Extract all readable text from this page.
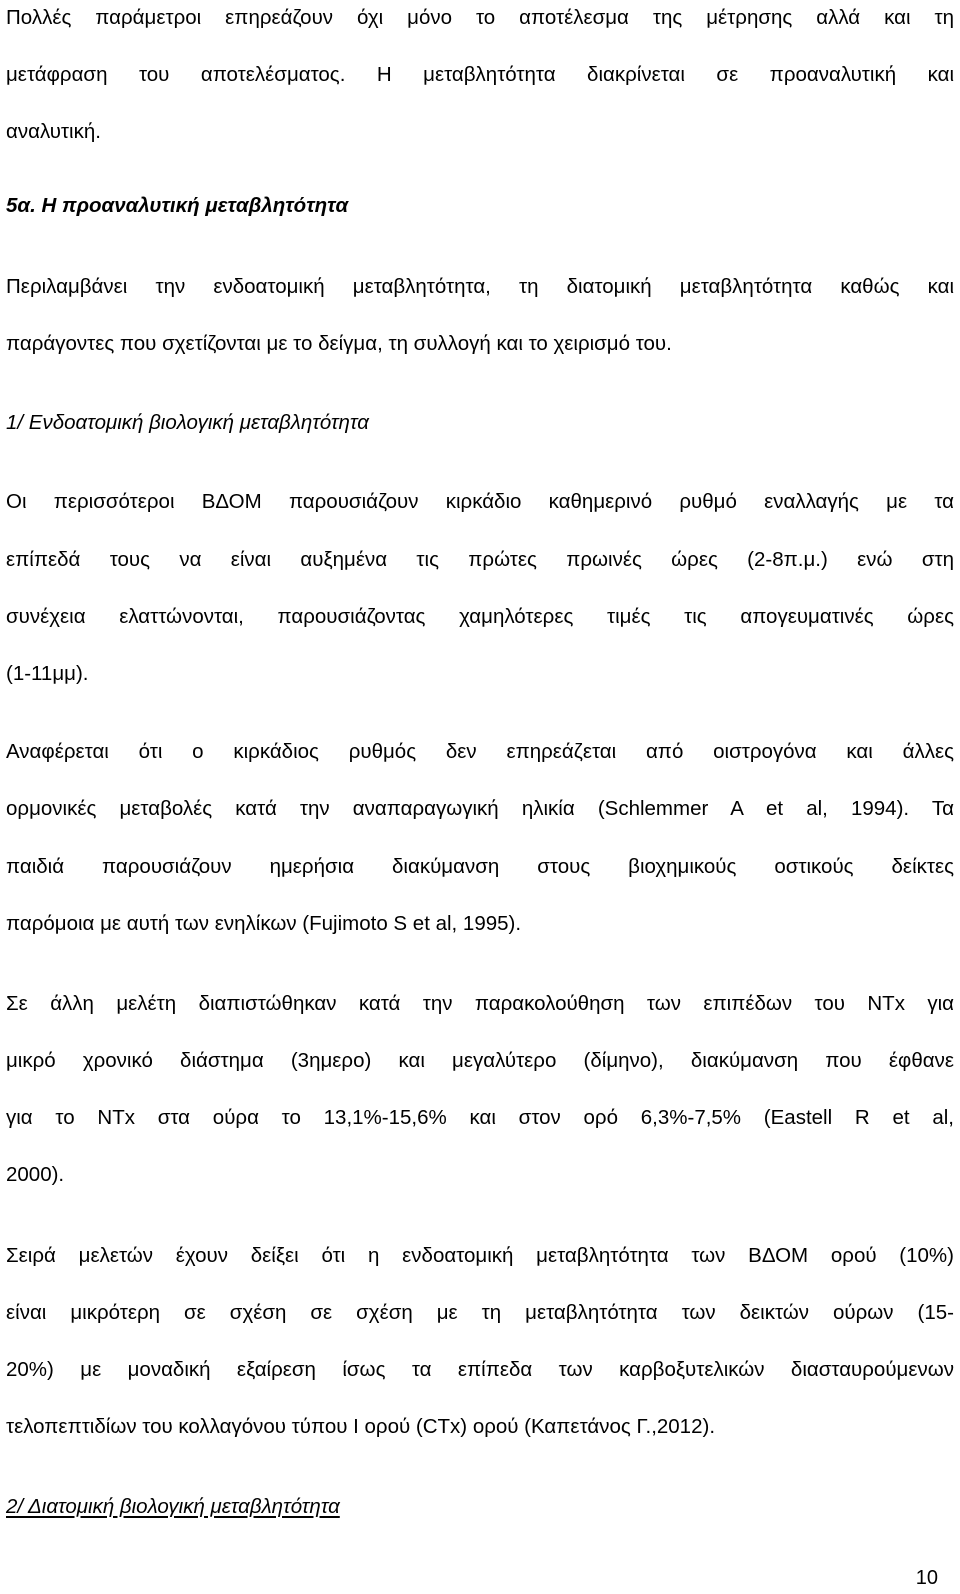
Πολλές παράμετροι επηρεάζουν όχι μόνο το αποτέλεσμα της μέτρησης αλλά και τη
μετάφραση του αποτελέσματος. Η μεταβλητότητα διακρίνεται σε προαναλυτική και
αναλυτική.
5α. Η προαναλυτική μεταβλητότητα
Περιλαμβάνει την ενδοατομική μεταβλητότητα, τη διατομική μεταβλητότητα καθώς και
παράγοντες που σχετίζονται με το δείγμα, τη συλλογή και το χειρισμό του.
1/ Ενδοατομική βιολογική μεταβλητότητα
Οι περισσότεροι ΒΔΟΜ παρουσιάζουν κιρκάδιο καθημερινό ρυθμό εναλλαγής με τα
επίπεδά τους να είναι αυξημένα τις πρώτες πρωινές ώρες (2-8π.μ.) ενώ στη
συνέχεια ελαττώνονται, παρουσιάζοντας χαμηλότερες τιμές τις απογευματινές ώρες
(1-11μμ).
Αναφέρεται ότι ο κιρκάδιος ρυθμός δεν επηρεάζεται από οιστρογόνα και άλλες
ορμονικές μεταβολές κατά την αναπαραγωγική ηλικία (Schlemmer A et al, 1994). Τα
παιδιά παρουσιάζουν ημερήσια διακύμανση στους βιοχημικούς οστικούς δείκτες
παρόμοια με αυτή των ενηλίκων (Fujimoto S et al, 1995).
Σε άλλη μελέτη διαπιστώθηκαν κατά την παρακολούθηση των επιπέδων του NTx για
μικρό χρονικό διάστημα (3ημερο) και μεγαλύτερο (δίμηνο), διακύμανση που έφθανε
για το NTx στα ούρα το 13,1%-15,6% και στον ορό 6,3%-7,5% (Eastell R et al,
2000).
Σειρά μελετών έχουν δείξει ότι η ενδοατομική μεταβλητότητα των ΒΔΟΜ ορού (10%)
είναι μικρότερη σε σχέση σε σχέση με τη μεταβλητότητα των δεικτών ούρων (15-
20%) με μοναδική εξαίρεση ίσως τα επίπεδα των καρβοξυτελικών διασταυρούμενων
τελοπεπτιδίων του κολλαγόνου τύπου Ι ορού (CTx) ορού (Καπετάνος Γ.,2012).
2/ Διατομική βιολογική μεταβλητότητα
10
